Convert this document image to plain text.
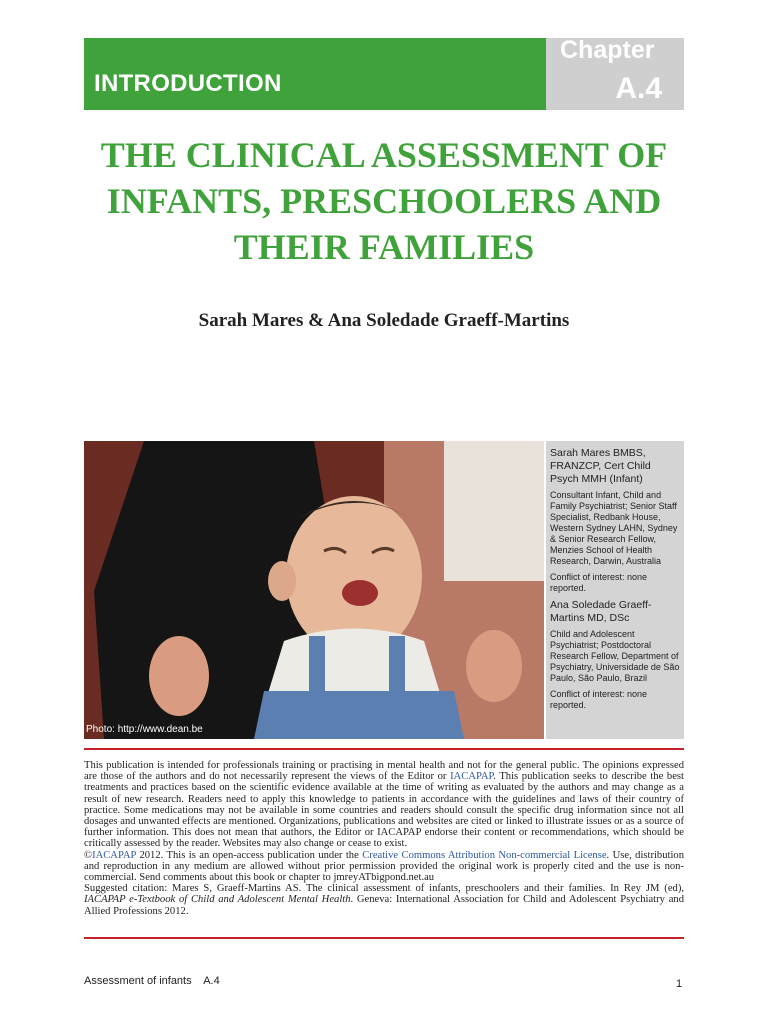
INTRODUCTION
Chapter
A.4
THE CLINICAL ASSESSMENT OF
INFANTS, PRESCHOOLERS AND
THEIR FAMILIES
Sarah Mares & Ana Soledade Graeff-Martins
Photo: http://www.dean.be
Sarah Mares BMBS, FRANZCP, Cert Child Psych MMH (Infant)
Consultant Infant, Child and Family Psychiatrist; Senior Staff Specialist, Redbank House, Western Sydney LAHN, Sydney & Senior Research Fellow, Menzies School of Health Research, Darwin, Australia
Conflict of interest: none reported.
Ana Soledade Graeff-Martins MD, DSc
Child and Adolescent Psychiatrist; Postdoctoral Research Fellow, Department of Psychiatry, Universidade de São Paulo, São Paulo, Brazil
Conflict of interest: none reported.

This publication is intended for professionals training or practising in mental health and not for the general public. The opinions expressed are those of the authors and do not necessarily represent the views of the Editor or IACAPAP. This publication seeks to describe the best treatments and practices based on the scientific evidence available at the time of writing as evaluated by the authors and may change as a result of new research. Readers need to apply this knowledge to patients in accordance with the guidelines and laws of their country of practice. Some medications may not be available in some countries and readers should consult the specific drug information since not all dosages and unwanted effects are mentioned. Organizations, publications and websites are cited or linked to illustrate issues or as a source of further information. This does not mean that authors, the Editor or IACAPAP endorse their content or recommendations, which should be critically assessed by the reader. Websites may also change or cease to exist.

©IACAPAP 2012. This is an open-access publication under the Creative Commons Attribution Non-commercial License. Use, distribution and reproduction in any medium are allowed without prior permission provided the original work is properly cited and the use is non-commercial. Send comments about this book or chapter to jmreyATbigpond.net.au

Suggested citation: Mares S, Graeff-Martins AS. The clinical assessment of infants, preschoolers and their families. In Rey JM (ed), IACAPAP e-Textbook of Child and Adolescent Mental Health. Geneva: International Association for Child and Adolescent Psychiatry and Allied Professions 2012.

Assessment of infants    A.4	1
